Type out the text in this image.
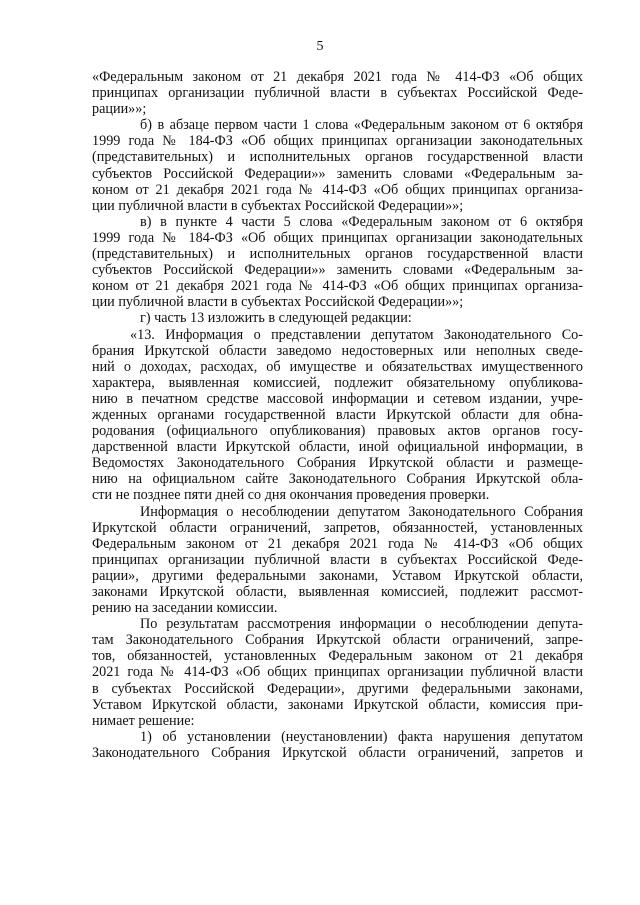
5
«Федеральным законом от 21 декабря 2021 года № 414-ФЗ «Об общих
принципах организации публичной власти в субъектах Российской Феде-
рации»»;
б) в абзаце первом части 1 слова «Федеральным законом от 6 октября
1999 года № 184-ФЗ «Об общих принципах организации законодательных
(представительных) и исполнительных органов государственной власти
субъектов Российской Федерации»» заменить словами «Федеральным за-
коном от 21 декабря 2021 года № 414-ФЗ «Об общих принципах организа-
ции публичной власти в субъектах Российской Федерации»»;
в) в пункте 4 части 5 слова «Федеральным законом от 6 октября
1999 года № 184-ФЗ «Об общих принципах организации законодательных
(представительных) и исполнительных органов государственной власти
субъектов Российской Федерации»» заменить словами «Федеральным за-
коном от 21 декабря 2021 года № 414-ФЗ «Об общих принципах организа-
ции публичной власти в субъектах Российской Федерации»»;
г) часть 13 изложить в следующей редакции:
«13. Информация о представлении депутатом Законодательного Со-
брания Иркутской области заведомо недостоверных или неполных сведе-
ний о доходах, расходах, об имуществе и обязательствах имущественного
характера, выявленная комиссией, подлежит обязательному опубликова-
нию в печатном средстве массовой информации и сетевом издании, учре-
жденных органами государственной власти Иркутской области для обна-
родования (официального опубликования) правовых актов органов госу-
дарственной власти Иркутской области, иной официальной информации, в
Ведомостях Законодательного Собрания Иркутской области и размеще-
нию на официальном сайте Законодательного Собрания Иркутской обла-
сти не позднее пяти дней со дня окончания проведения проверки.
Информация о несоблюдении депутатом Законодательного Собрания
Иркутской области ограничений, запретов, обязанностей, установленных
Федеральным законом от 21 декабря 2021 года № 414-ФЗ «Об общих
принципах организации публичной власти в субъектах Российской Феде-
рации», другими федеральными законами, Уставом Иркутской области,
законами Иркутской области, выявленная комиссией, подлежит рассмот-
рению на заседании комиссии.
По результатам рассмотрения информации о несоблюдении депута-
там Законодательного Собрания Иркутской области ограничений, запре-
тов, обязанностей, установленных Федеральным законом от 21 декабря
2021 года № 414-ФЗ «Об общих принципах организации публичной власти
в субъектах Российской Федерации», другими федеральными законами,
Уставом Иркутской области, законами Иркутской области, комиссия при-
нимает решение:
1) об установлении (неустановлении) факта нарушения депутатом
Законодательного Собрания Иркутской области ограничений, запретов и
